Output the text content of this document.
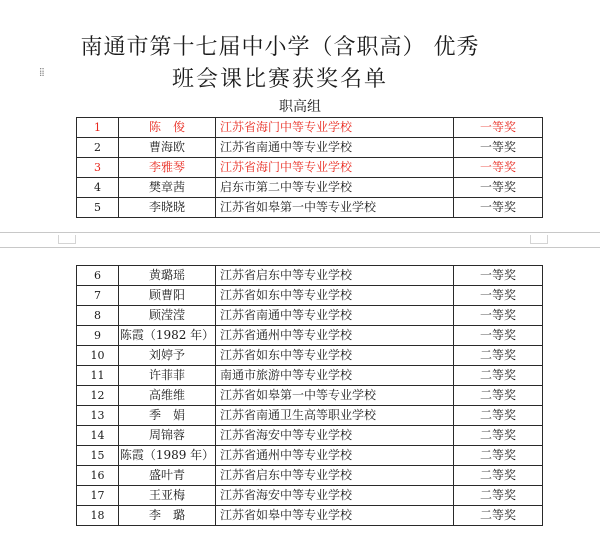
南通市第十七届中小学（含职高） 优秀
⁞⁞	班会课比赛获奖名单
职高组
1	陈　俊	江苏省海门中等专业学校	一等奖
2	曹海欧	江苏省南通中等专业学校	一等奖
3	李雅琴	江苏省海门中等专业学校	一等奖
4	樊章茜	启东市第二中等专业学校	一等奖
5	李晓晓	江苏省如皋第一中等专业学校	一等奖
6	黄璐瑶	江苏省启东中等专业学校	一等奖
7	顾曹阳	江苏省如东中等专业学校	一等奖
8	顾滢滢	江苏省南通中等专业学校	一等奖
9	陈霞（1982 年）	江苏省通州中等专业学校	一等奖
10	刘婷予	江苏省如东中等专业学校	二等奖
11	许菲菲	南通市旅游中等专业学校	二等奖
12	高维维	江苏省如皋第一中等专业学校	二等奖
13	季　娟	江苏省南通卫生高等职业学校	二等奖
14	周锦蓉	江苏省海安中等专业学校	二等奖
15	陈霞（1989 年）	江苏省通州中等专业学校	二等奖
16	盛叶青	江苏省启东中等专业学校	二等奖
17	王亚梅	江苏省海安中等专业学校	二等奖
18	李　璐	江苏省如皋中等专业学校	二等奖
